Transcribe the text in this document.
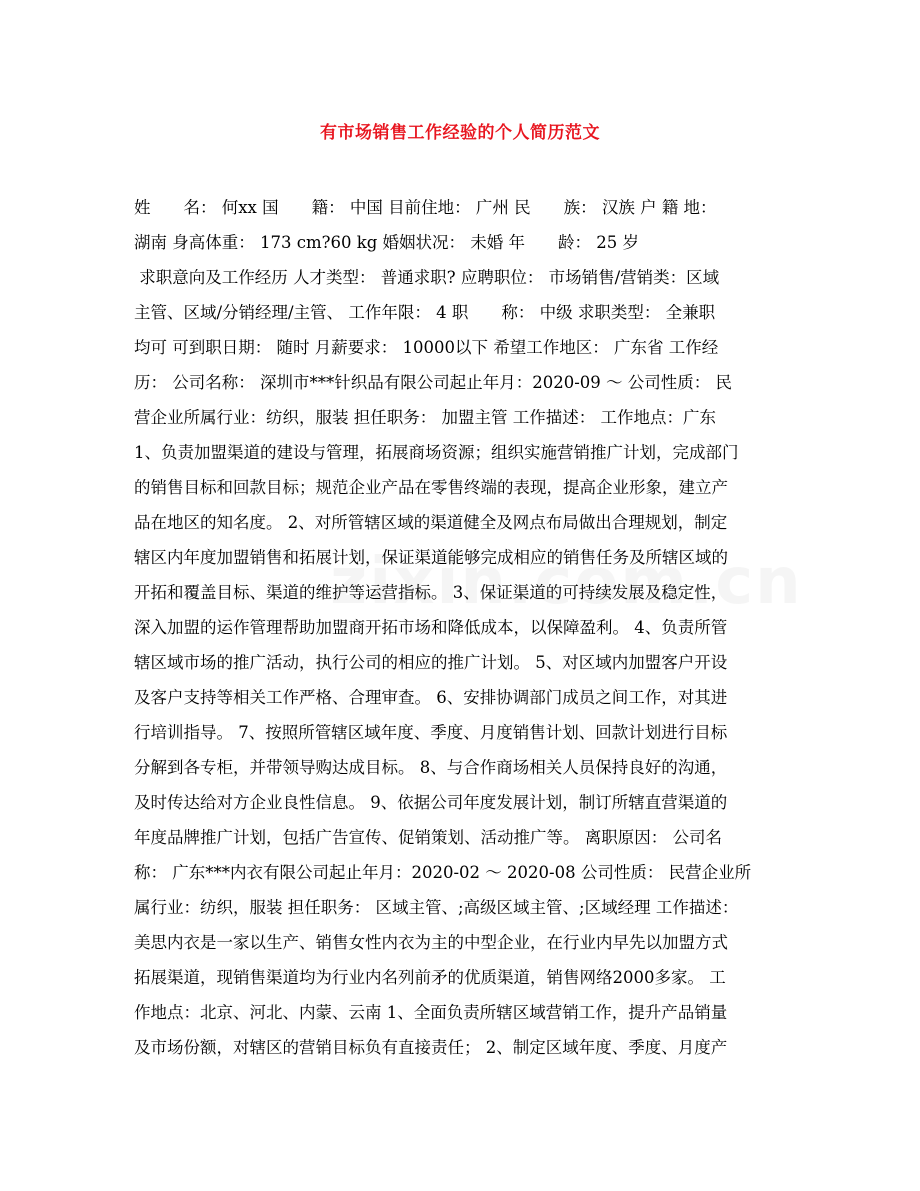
有市场销售工作经验的个人简历范文
姓　　名： 何xx 国　　籍： 中国 目前住地： 广州 民　　族： 汉族 户 籍 地：
湖南 身高体重： 173 cm?60 kg 婚姻状况： 未婚 年　　龄： 25 岁
求职意向及工作经历 人才类型： 普通求职? 应聘职位： 市场销售/营销类：区域
主管、区域/分销经理/主管、 工作年限： 4 职　　称： 中级 求职类型： 全兼职
均可 可到职日期： 随时 月薪要求： 10000以下 希望工作地区： 广东省 工作经
历： 公司名称： 深圳市***针织品有限公司起止年月：2020-09 ～ 公司性质： 民
营企业所属行业：纺织，服装 担任职务： 加盟主管 工作描述： 工作地点：广东
1、负责加盟渠道的建设与管理，拓展商场资源；组织实施营销推广计划，完成部门
的销售目标和回款目标；规范企业产品在零售终端的表现，提高企业形象，建立产
品在地区的知名度。 2、对所管辖区域的渠道健全及网点布局做出合理规划，制定
辖区内年度加盟销售和拓展计划，保证渠道能够完成相应的销售任务及所辖区域的
开拓和覆盖目标、渠道的维护等运营指标。 3、保证渠道的可持续发展及稳定性，
深入加盟的运作管理帮助加盟商开拓市场和降低成本，以保障盈利。 4、负责所管
辖区域市场的推广活动，执行公司的相应的推广计划。 5、对区域内加盟客户开设
及客户支持等相关工作严格、合理审查。 6、安排协调部门成员之间工作，对其进
行培训指导。 7、按照所管辖区域年度、季度、月度销售计划、回款计划进行目标
分解到各专柜，并带领导购达成目标。 8、与合作商场相关人员保持良好的沟通，
及时传达给对方企业良性信息。 9、依据公司年度发展计划，制订所辖直营渠道的
年度品牌推广计划，包括广告宣传、促销策划、活动推广等。 离职原因： 公司名
称： 广东***内衣有限公司起止年月：2020-02 ～ 2020-08 公司性质： 民营企业所
属行业：纺织，服装 担任职务： 区域主管、;高级区域主管、;区域经理 工作描述：
美思内衣是一家以生产、销售女性内衣为主的中型企业，在行业内早先以加盟方式
拓展渠道，现销售渠道均为行业内名列前矛的优质渠道，销售网络2000多家。 工
作地点：北京、河北、内蒙、云南 1、全面负责所辖区域营销工作，提升产品销量
及市场份额，对辖区的营销目标负有直接责任； 2、制定区域年度、季度、月度产
